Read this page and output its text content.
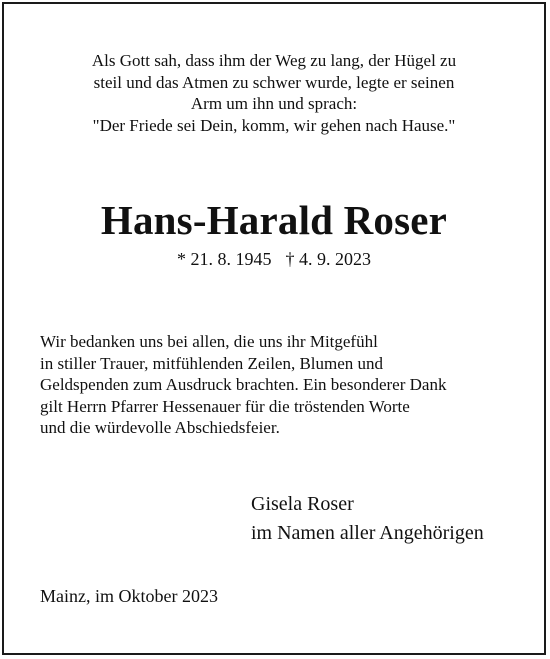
Als Gott sah, dass ihm der Weg zu lang, der Hügel zu
steil und das Atmen zu schwer wurde, legte er seinen
Arm um ihn und sprach:
"Der Friede sei Dein, komm, wir gehen nach Hause."
Hans-Harald Roser
* 21. 8. 1945 † 4. 9. 2023
Wir bedanken uns bei allen, die uns ihr Mitgefühl
in stiller Trauer, mitfühlenden Zeilen, Blumen und
Geldspenden zum Ausdruck brachten. Ein besonderer Dank
gilt Herrn Pfarrer Hessenauer für die tröstenden Worte
und die würdevolle Abschiedsfeier.
Gisela Roser
im Namen aller Angehörigen
Mainz, im Oktober 2023
